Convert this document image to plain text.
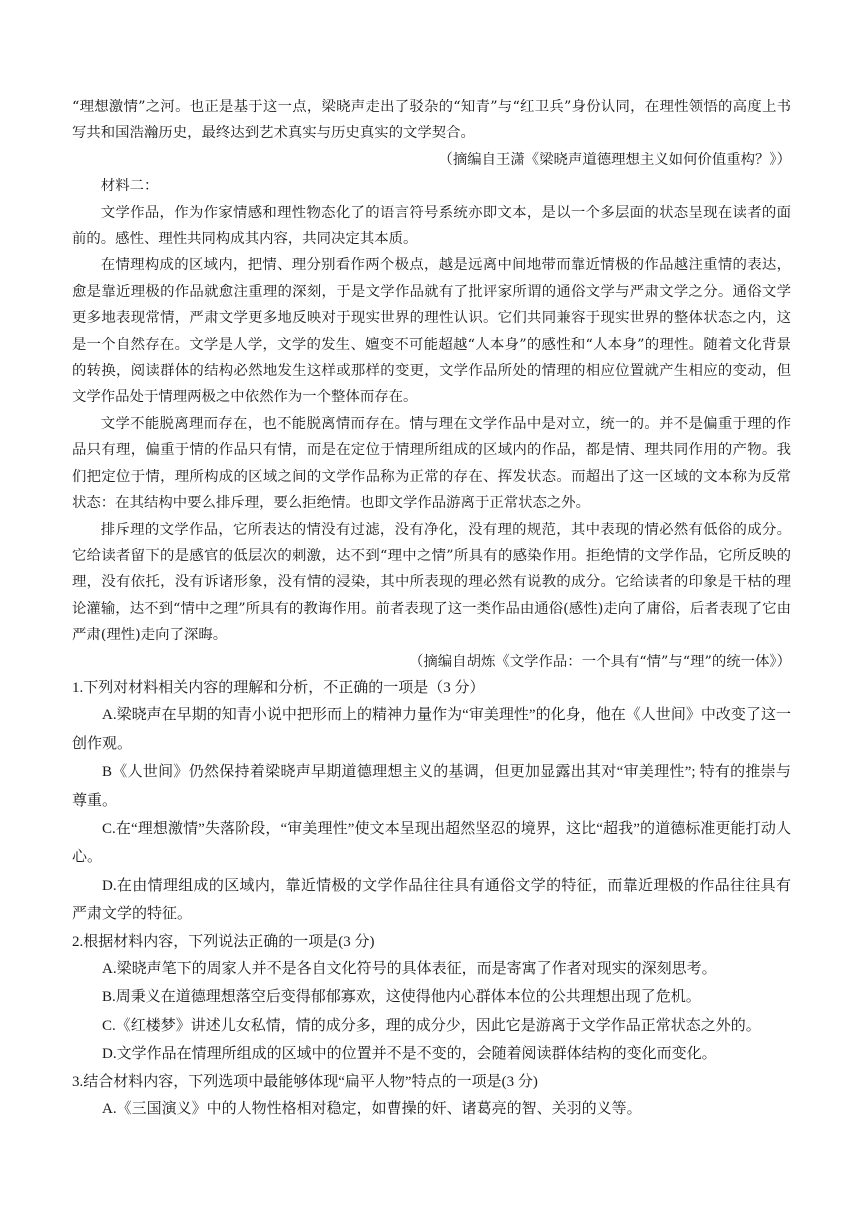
“理想激情”之河。也正是基于这一点，梁晓声走出了驳杂的“知青”与“红卫兵”身份认同，在理性领悟的高度上书写共和国浩瀚历史，最终达到艺术真实与历史真实的文学契合。

（摘编自王潇《梁晓声道德理想主义如何价值重构？》）

材料二：

文学作品，作为作家情感和理性物态化了的语言符号系统亦即文本，是以一个多层面的状态呈现在读者的面前的。感性、理性共同构成其内容，共同决定其本质。

在情理构成的区域内，把情、理分别看作两个极点，越是远离中间地带而靠近情极的作品越注重情的表达，愈是靠近理极的作品就愈注重理的深刻，于是文学作品就有了批评家所谓的通俗文学与严肃文学之分。通俗文学更多地表现常情，严肃文学更多地反映对于现实世界的理性认识。它们共同兼容于现实世界的整体状态之内，这是一个自然存在。文学是人学，文学的发生、嬗变不可能超越“人本身”的感性和“人本身”的理性。随着文化背景的转换，阅读群体的结构必然地发生这样或那样的变更，文学作品所处的情理的相应位置就产生相应的变动，但文学作品处于情理两极之中依然作为一个整体而存在。

文学不能脱离理而存在，也不能脱离情而存在。情与理在文学作品中是对立，统一的。并不是偏重于理的作品只有理，偏重于情的作品只有情，而是在定位于情理所组成的区域内的作品，都是情、理共同作用的产物。我们把定位于情，理所构成的区域之间的文学作品称为正常的存在、挥发状态。而超出了这一区域的文本称为反常状态：在其结构中要么排斥理，要么拒绝情。也即文学作品游离于正常状态之外。

排斥理的文学作品，它所表达的情没有过滤，没有净化，没有理的规范，其中表现的情必然有低俗的成分。它给读者留下的是感官的低层次的刺激，达不到“理中之情”所具有的感染作用。拒绝情的文学作品，它所反映的理，没有依托，没有诉诸形象，没有情的浸染，其中所表现的理必然有说教的成分。它给读者的印象是干枯的理论灌输，达不到“情中之理”所具有的教诲作用。前者表现了这一类作品由通俗(感性)走向了庸俗，后者表现了它由严肃(理性)走向了深晦。

（摘编自胡炼《文学作品：一个具有“情”与“理”的统一体》）

1.下列对材料相关内容的理解和分析，不正确的一项是（3 分）

A.梁晓声在早期的知青小说中把形而上的精神力量作为“审美理性”的化身，他在《人世间》中改变了这一创作观。

B《人世间》仍然保持着梁晓声早期道德理想主义的基调，但更加显露出其对“审美理性”; 特有的推崇与尊重。

C.在“理想激情”失落阶段，“审美理性”使文本呈现出超然坚忍的境界，这比“超我”的道德标准更能打动人心。

D.在由情理组成的区域内，靠近情极的文学作品往往具有通俗文学的特征，而靠近理极的作品往往具有严肃文学的特征。

2.根据材料内容，下列说法正确的一项是(3 分)

A.梁晓声笔下的周家人并不是各自文化符号的具体表征，而是寄寓了作者对现实的深刻思考。

B.周秉义在道德理想落空后变得郁郁寡欢，这使得他内心群体本位的公共理想出现了危机。

C.《红楼梦》讲述儿女私情，情的成分多，理的成分少，因此它是游离于文学作品正常状态之外的。

D.文学作品在情理所组成的区域中的位置并不是不变的，会随着阅读群体结构的变化而变化。

3.结合材料内容，下列选项中最能够体现“扁平人物”特点的一项是(3 分)

A.《三国演义》中的人物性格相对稳定，如曹操的奸、诸葛亮的智、关羽的义等。
